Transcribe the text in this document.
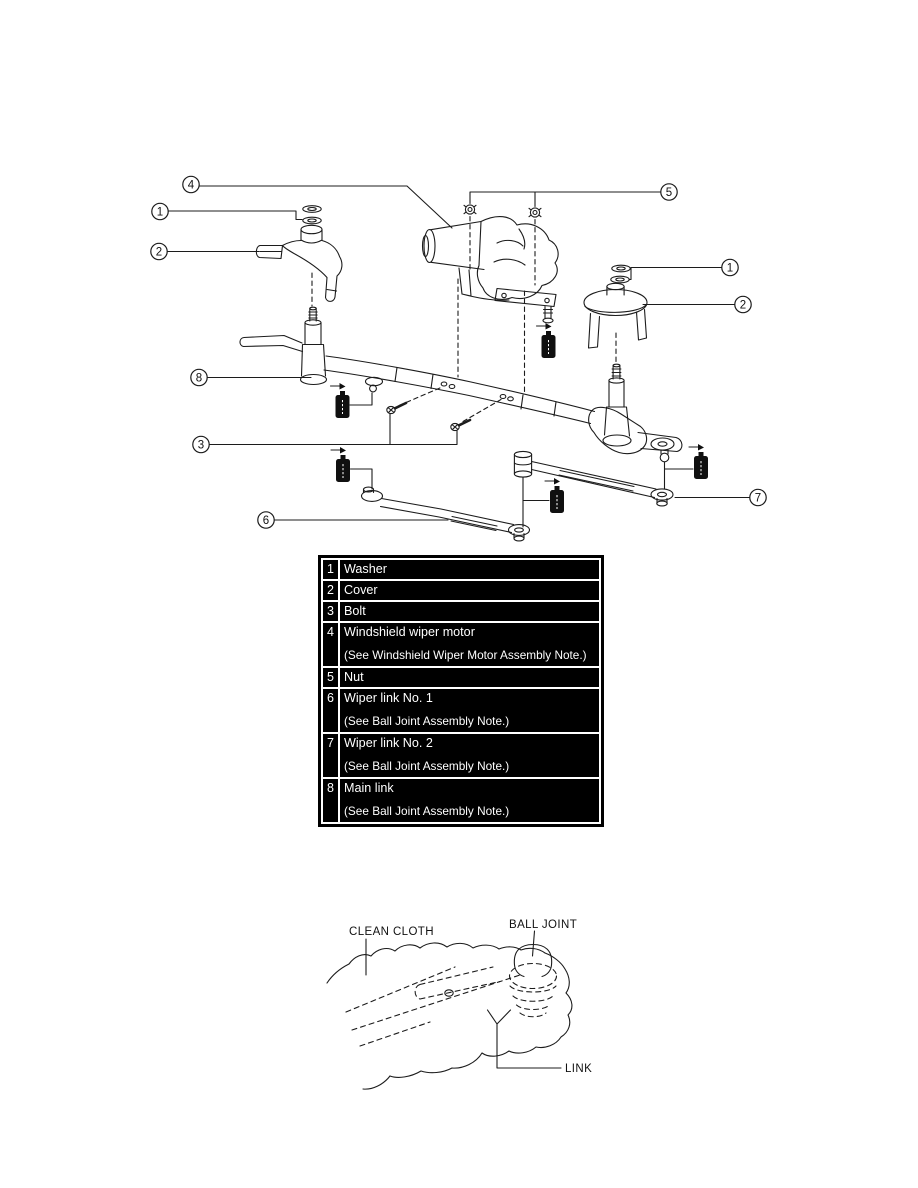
4
1
2
8
3
5
1
2
7
6
CLEAN CLOTH
BALL JOINT
LINK
1	Washer

2	Cover

3	Bolt

4	Windshield wiper motor
(See Windshield Wiper Motor Assembly Note.)

5	Nut

6	Wiper link No. 1
(See Ball Joint Assembly Note.)

7	Wiper link No. 2
(See Ball Joint Assembly Note.)

8	Main link
(See Ball Joint Assembly Note.)
